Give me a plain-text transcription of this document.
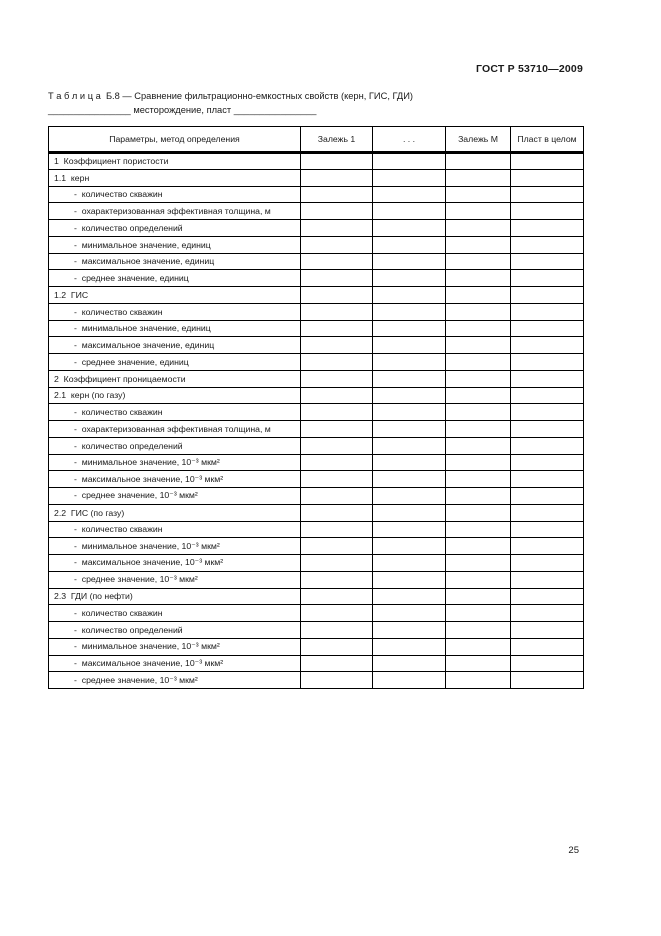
ГОСТ Р 53710—2009
Т а б л и ц а  Б.8 — Сравнение фильтрационно-емкостных свойств (керн, ГИС, ГДИ)
________________ месторождение, пласт ________________
Параметры, метод определения	Залежь 1	. . .	Залежь М	Пласт в целом
1  Коэффициент пористости				
1.1  керн				
-  количество скважин				
-  охарактеризованная эффективная толщина, м				
-  количество определений				
-  минимальное значение, единиц				
-  максимальное значение, единиц				
-  среднее значение, единиц				
1.2  ГИС				
-  количество скважин				
-  минимальное значение, единиц				
-  максимальное значение, единиц				
-  среднее значение, единиц				
2  Коэффициент проницаемости				
2.1  керн (по газу)				
-  количество скважин				
-  охарактеризованная эффективная толщина, м				
-  количество определений				
-  минимальное значение, 10⁻³ мкм²				
-  максимальное значение, 10⁻³ мкм²				
-  среднее значение, 10⁻³ мкм²				
2.2  ГИС (по газу)				
-  количество скважин				
-  минимальное значение, 10⁻³ мкм²				
-  максимальное значение, 10⁻³ мкм²				
-  среднее значение, 10⁻³ мкм²				
2.3  ГДИ (по нефти)				
-  количество скважин				
-  количество определений				
-  минимальное значение, 10⁻³ мкм²				
-  максимальное значение, 10⁻³ мкм²				
-  среднее значение, 10⁻³ мкм²				
25
